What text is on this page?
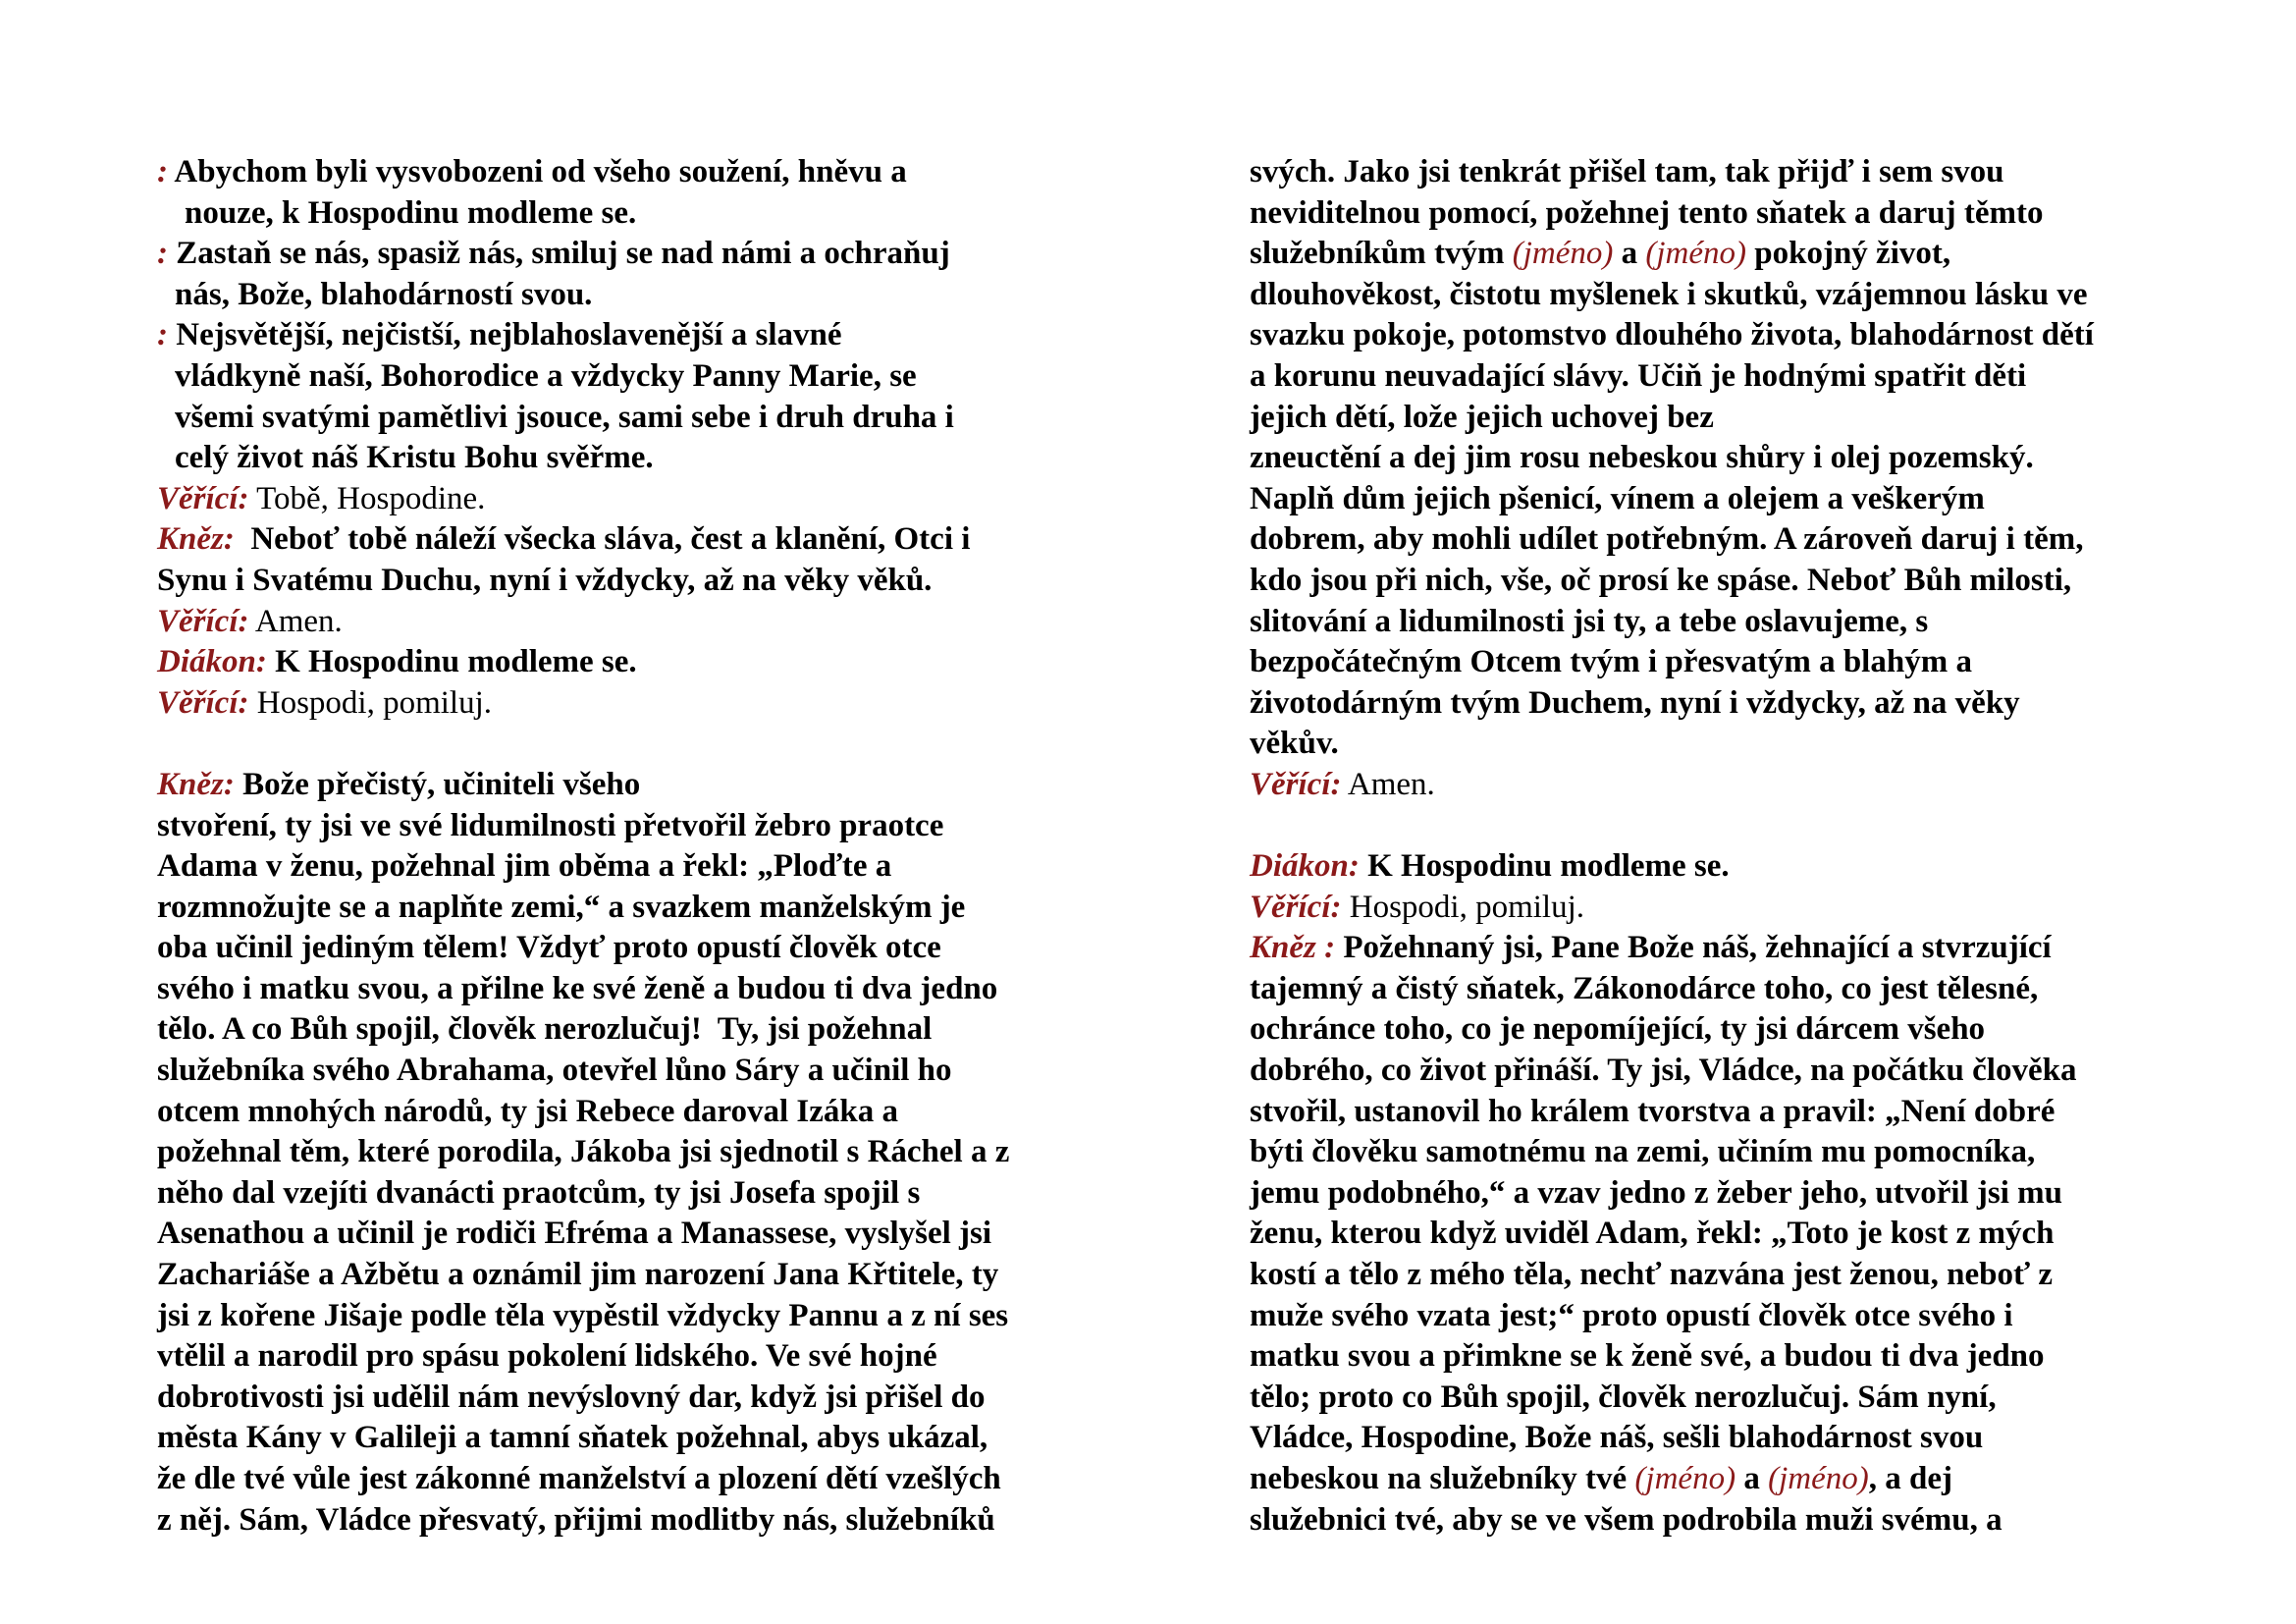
: Abychom byli vysvobozeni od všeho soužení, hněvu a
nouze, k Hospodinu modleme se.
: Zastaň se nás, spasiž nás, smiluj se nad námi a ochraňuj
nás, Bože, blahodárností svou.
: Nejsvětější, nejčistší, nejblahoslavenější a slavné
vládkyně naší, Bohorodice a vždycky Panny Marie, se
všemi svatými pamětlivi jsouce, sami sebe i druh druha i
celý život náš Kristu Bohu svěřme.
Věřící: Tobě, Hospodine.
Kněz:  Neboť tobě náleží všecka sláva, čest a klanění, Otci i
Synu i Svatému Duchu, nyní i vždycky, až na věky věků.
Věřící: Amen.
Diákon: K Hospodinu modleme se.
Věřící: Hospodi, pomiluj.
Kněz: Bože přečistý, učiniteli všeho
stvoření, ty jsi ve své lidumilnosti přetvořil žebro praotce
Adama v ženu, požehnal jim oběma a řekl: „Ploďte a
rozmnožujte se a naplňte zemi,“ a svazkem manželským je
oba učinil jediným tělem! Vždyť proto opustí člověk otce
svého i matku svou, a přilne ke své ženě a budou ti dva jedno
tělo. A co Bůh spojil, člověk nerozlučuj!  Ty, jsi požehnal
služebníka svého Abrahama, otevřel lůno Sáry a učinil ho
otcem mnohých národů, ty jsi Rebece daroval Izáka a
požehnal těm, které porodila, Jákoba jsi sjednotil s Ráchel a z
něho dal vzejíti dvanácti praotcům, ty jsi Josefa spojil s
Asenathou a učinil je rodiči Efréma a Manassese, vyslyšel jsi
Zachariáše a Ažbětu a oznámil jim narození Jana Křtitele, ty
jsi z kořene Jišaje podle těla vypěstil vždycky Pannu a z ní ses
vtělil a narodil pro spásu pokolení lidského. Ve své hojné
dobrotivosti jsi udělil nám nevýslovný dar, když jsi přišel do
města Kány v Galileji a tamní sňatek požehnal, abys ukázal,
že dle tvé vůle jest zákonné manželství a plození dětí vzešlých
z něj. Sám, Vládce přesvatý, přijmi modlitby nás, služebníků
svých. Jako jsi tenkrát přišel tam, tak přijď i sem svou
neviditelnou pomocí, požehnej tento sňatek a daruj těmto
služebníkům tvým (jméno) a (jméno) pokojný život,
dlouhověkost, čistotu myšlenek i skutků, vzájemnou lásku ve
svazku pokoje, potomstvo dlouhého života, blahodárnost dětí
a korunu neuvadající slávy. Učiň je hodnými spatřit děti
jejich dětí, lože jejich uchovej bez
zneuctění a dej jim rosu nebeskou shůry i olej pozemský.
Naplň dům jejich pšenicí, vínem a olejem a veškerým
dobrem, aby mohli udílet potřebným. A zároveň daruj i těm,
kdo jsou při nich, vše, oč prosí ke spáse. Neboť Bůh milosti,
slitování a lidumilnosti jsi ty, a tebe oslavujeme, s
bezpočátečným Otcem tvým i přesvatým a blahým a
životodárným tvým Duchem, nyní i vždycky, až na věky
věkův.
Věřící: Amen.
Diákon: K Hospodinu modleme se.
Věřící: Hospodi, pomiluj.
Kněz : Požehnaný jsi, Pane Bože náš, žehnající a stvrzující
tajemný a čistý sňatek, Zákonodárce toho, co jest tělesné,
ochránce toho, co je nepomíjející, ty jsi dárcem všeho
dobrého, co život přináší. Ty jsi, Vládce, na počátku člověka
stvořil, ustanovil ho králem tvorstva a pravil: „Není dobré
býti člověku samotnému na zemi, učiním mu pomocníka,
jemu podobného,“ a vzav jedno z žeber jeho, utvořil jsi mu
ženu, kterou když uviděl Adam, řekl: „Toto je kost z mých
kostí a tělo z mého těla, nechť nazvána jest ženou, neboť z
muže svého vzata jest;“ proto opustí člověk otce svého i
matku svou a přimkne se k ženě své, a budou ti dva jedno
tělo; proto co Bůh spojil, člověk nerozlučuj. Sám nyní,
Vládce, Hospodine, Bože náš, sešli blahodárnost svou
nebeskou na služebníky tvé (jméno) a (jméno), a dej
služebnici tvé, aby se ve všem podrobila muži svému, a
